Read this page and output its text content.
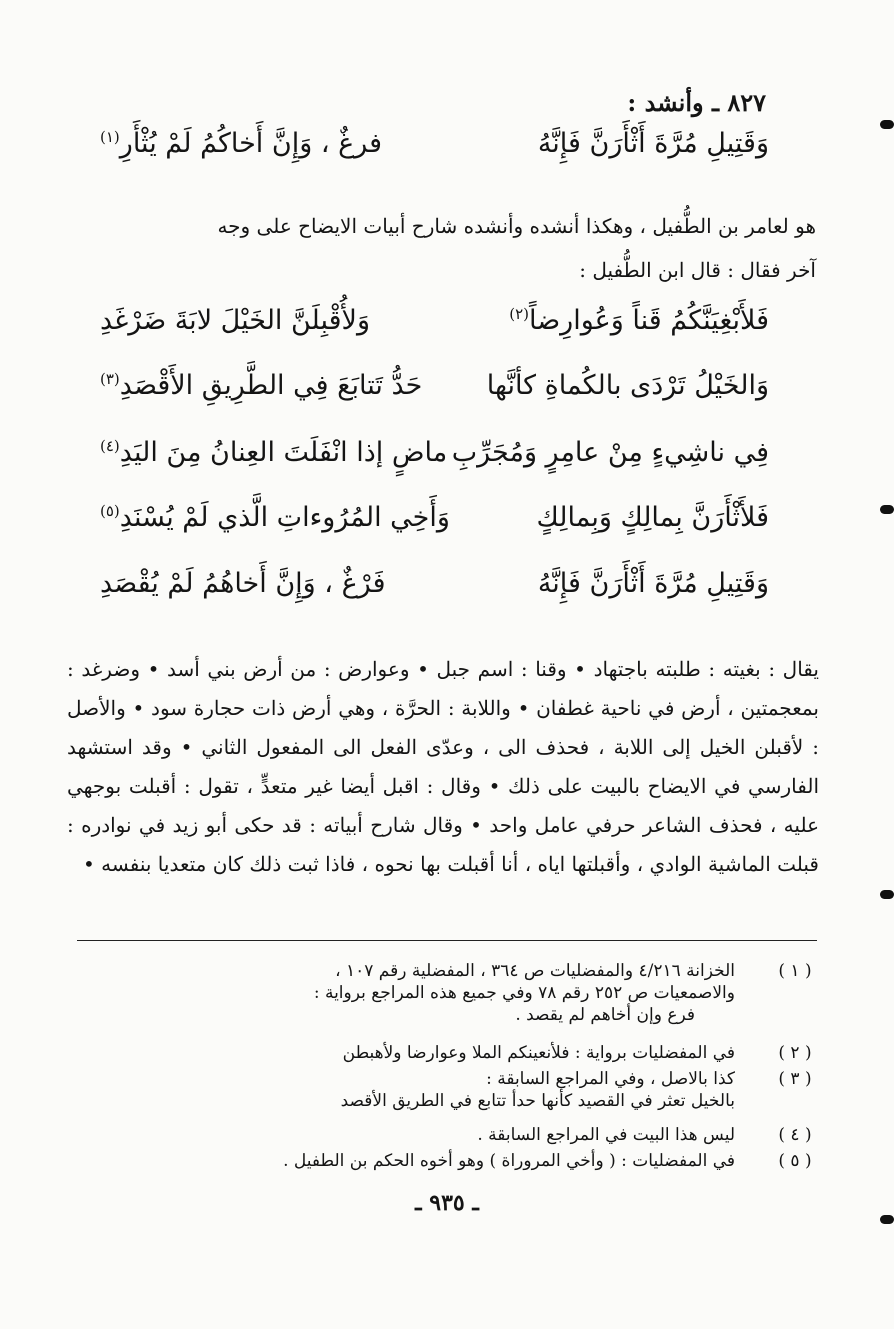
٨٢٧ ـ وأنشد :
وَقَتِيلِ مُرَّةَ أَثْأَرَنَّ فَإِنَّهُ
فرغٌ ، وَإِنَّ أَخاكُمُ لَمْ يُثْأَرِ$^{(١)}$
هو لعامر بن الطُّفيل ، وهكذا أنشده وأنشده شارح أبيات الايضاح على وجه
آخر فقال : قال ابن الطُّفيل :
فَلأَبْغِيَنَّكُمُ قَناً وَعُوارِضاً$^{(٢)}$
وَلأُقْبِلَنَّ الخَيْلَ لابَةَ ضَرْغَدِ
وَالخَيْلُ تَرْدَى بالكُماةِ كأنَّها
حَدُّ تَتابَعَ فِي الطَّرِيقِ الأَقْصَدِ$^{(٣)}$
فِي ناشِيءٍ مِنْ عامِرٍ وَمُجَرِّبِ
ماضٍ إذا انْفَلَتَ العِنانُ مِنَ اليَدِ$^{(٤)}$
فَلأَثْأَرَنَّ بِمالِكٍ وَبِمالِكٍ
وَأَخِي المُرُوءاتِ الَّذي لَمْ يُسْنَدِ$^{(٥)}$
وَقَتِيلِ مُرَّةَ أَثْأَرَنَّ فَإِنَّهُ
فَرْغٌ ، وَإِنَّ أَخاهُمُ لَمْ يُقْصَدِ
يقال : بغيته : طلبته باجتهاد • وقنا : اسم جبل • وعوارض : من أرض بني أسد • وضرغد : بمعجمتين ، أرض في ناحية غطفان • واللابة : الحرَّة ، وهي أرض ذات حجارة سود • والأصل : لأقبلن الخيل إلى اللابة ، فحذف الى ، وعدّى الفعل الى المفعول الثاني • وقد استشهد الفارسي في الايضاح بالبيت على ذلك • وقال : اقبل أيضا غير متعدٍّ ، تقول : أقبلت بوجهي عليه ، فحذف الشاعر حرفي عامل واحد • وقال شارح أبياته : قد حكى أبو زيد في نوادره : قبلت الماشية الوادي ، وأقبلتها اياه ، أنا أقبلت بها نحوه ، فاذا ثبت ذلك كان متعديا بنفسه •
( ١ )
الخزانة ٤/٢١٦ والمفضليات ص ٣٦٤ ، المفضلية رقم ١٠٧ ،
والاصمعيات ص ٢٥٢ رقم ٧٨ وفي جميع هذه المراجع برواية :
فرع وإن أخاهم لم يقصد .
( ٢ )
في المفضليات برواية : فلأنعينكم الملا وعوارضا ولأهبطن
( ٣ )
كذا بالاصل ، وفي المراجع السابقة :
بالخيل تعثر في القصيد كأنها حدأ تتابع في الطريق الأقصد
( ٤ )
ليس هذا البيت في المراجع السابقة .
( ٥ )
في المفضليات : ( وأخي المروراة ) وهو أخوه الحكم بن الطفيل .
ـ ٩٣٥ ـ
